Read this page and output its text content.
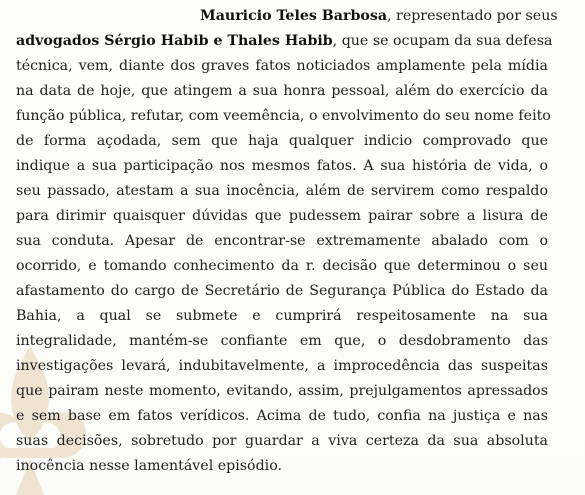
Mauricio Teles Barbosa, representado por seus
advogados Sérgio Habib e Thales Habib, que se ocupam da sua defesa
técnica, vem, diante dos graves fatos noticiados amplamente pela mídia
na data de hoje, que atingem a sua honra pessoal, além do exercício da
função pública, refutar, com veemência, o envolvimento do seu nome feito
de forma açodada, sem que haja qualquer indicio comprovado que
indique a sua participação nos mesmos fatos. A sua história de vida, o
seu passado, atestam a sua inocência, além de servirem como respaldo
para dirimir quaisquer dúvidas que pudessem pairar sobre a lisura de
sua conduta. Apesar de encontrar-se extremamente abalado com o
ocorrido, e tomando conhecimento da r. decisão que determinou o seu
afastamento do cargo de Secretário de Segurança Pública do Estado da
Bahia, a qual se submete e cumprirá respeitosamente na sua
integralidade, mantém-se confiante em que, o desdobramento das
investigações levará, indubitavelmente, a improcedência das suspeitas
que pairam neste momento, evitando, assim, prejulgamentos apressados
e sem base em fatos verídicos. Acima de tudo, confia na justiça e nas
suas decisões, sobretudo por guardar a viva certeza da sua absoluta
inocência nesse lamentável episódio.
